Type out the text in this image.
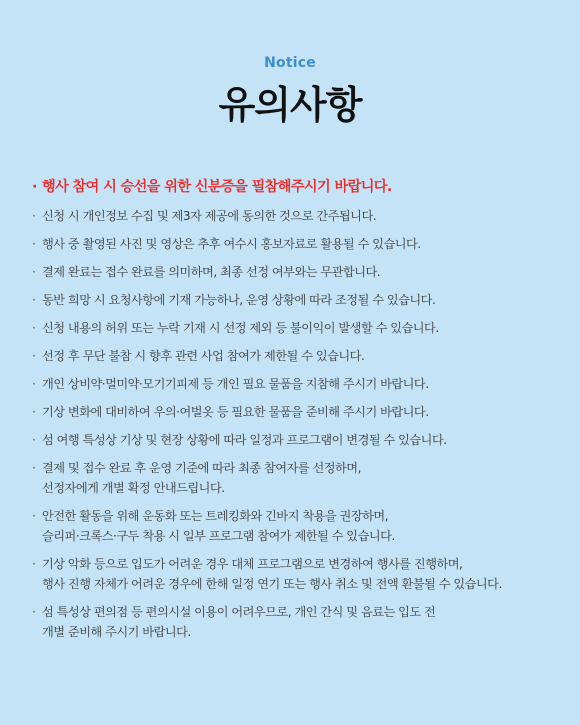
Notice
유의사항
· 행사 참여 시 승선을 위한 신분증을 필참해주시기 바랍니다.
· 신청 시 개인정보 수집 및 제3자 제공에 동의한 것으로 간주됩니다.
· 행사 중 촬영된 사진 및 영상은 추후 여수시 홍보자료로 활용될 수 있습니다.
· 결제 완료는 접수 완료를 의미하며, 최종 선정 여부와는 무관합니다.
· 동반 희망 시 요청사항에 기재 가능하나, 운영 상황에 따라 조정될 수 있습니다.
· 신청 내용의 허위 또는 누락 기재 시 선정 제외 등 불이익이 발생할 수 있습니다.
· 선정 후 무단 불참 시 향후 관련 사업 참여가 제한될 수 있습니다.
· 개인 상비약·멀미약·모기기피제 등 개인 필요 물품을 지참해 주시기 바랍니다.
· 기상 변화에 대비하여 우의·여벌옷 등 필요한 물품을 준비해 주시기 바랍니다.
· 섬 여행 특성상 기상 및 현장 상황에 따라 일정과 프로그램이 변경될 수 있습니다.
· 결제 및 접수 완료 후 운영 기준에 따라 최종 참여자를 선정하며,
선정자에게 개별 확정 안내드립니다.
· 안전한 활동을 위해 운동화 또는 트레킹화와 긴바지 착용을 권장하며,
슬리퍼·크록스·구두 착용 시 일부 프로그램 참여가 제한될 수 있습니다.
· 기상 악화 등으로 입도가 어려운 경우 대체 프로그램으로 변경하여 행사를 진행하며,
행사 진행 자체가 어려운 경우에 한해 일정 연기 또는 행사 취소 및 전액 환불될 수 있습니다.
· 섬 특성상 편의점 등 편의시설 이용이 어려우므로, 개인 간식 및 음료는 입도 전
개별 준비해 주시기 바랍니다.
